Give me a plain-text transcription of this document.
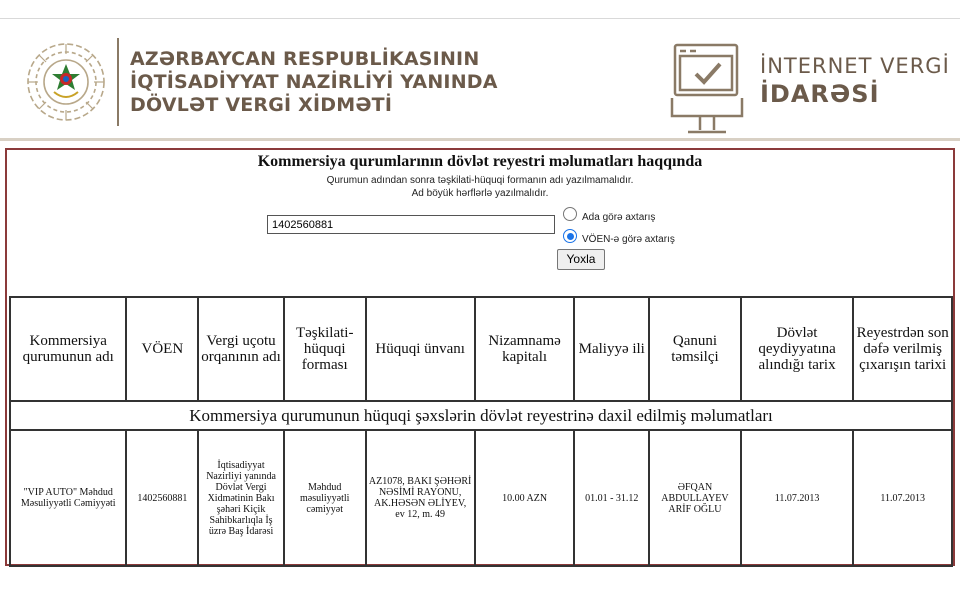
AZƏRBAYCAN RESPUBLİKASININ
İQTİSADİYYAT NAZİRLİYİ YANINDA
DÖVLƏT VERGİ XİDMƏTİ
İNTERNET VERGİ
İDARƏSİ
Kommersiya qurumlarının dövlət reyestri məlumatları haqqında
Qurumun adından sonra təşkilati-hüquqi formanın adı yazılmamalıdır.
Ad böyük hərflərlə yazılmalıdır.
1402560881
Ada görə axtarış
VÖEN-ə görə axtarış
Yoxla
Kommersiya qurumunun hüquqi şəxslərin dövlət reyestrinə daxil edilmiş məlumatları									
Kommersiya qurumunun adı	VÖEN	Vergi uçotu orqanının adı	Təşkilati-hüquqi forması	Hüquqi ünvanı	Nizamnamə kapitalı	Maliyyə ili	Qanuni təmsilçi	Dövlət qeydiyyatına alındığı tarix	Reyestrdən son dəfə verilmiş çıxarışın tarixi
"VIP AUTO" Məhdud Məsuliyyətli Cəmiyyəti	1402560881	İqtisadiyyat Nazirliyi yanında Dövlət Vergi Xidmətinin Bakı şəhəri Kiçik Sahibkarlıqla İş üzrə Baş İdarəsi	Məhdud məsuliyyətli cəmiyyət	AZ1078, BAKI ŞƏHƏRİ NƏSİMİ RAYONU, AK.HƏSƏN ƏLİYEV, ev 12, m. 49	10.00 AZN	01.01 - 31.12	ƏFQAN ABDULLAYEV ARİF OĞLU	11.07.2013	11.07.2013
